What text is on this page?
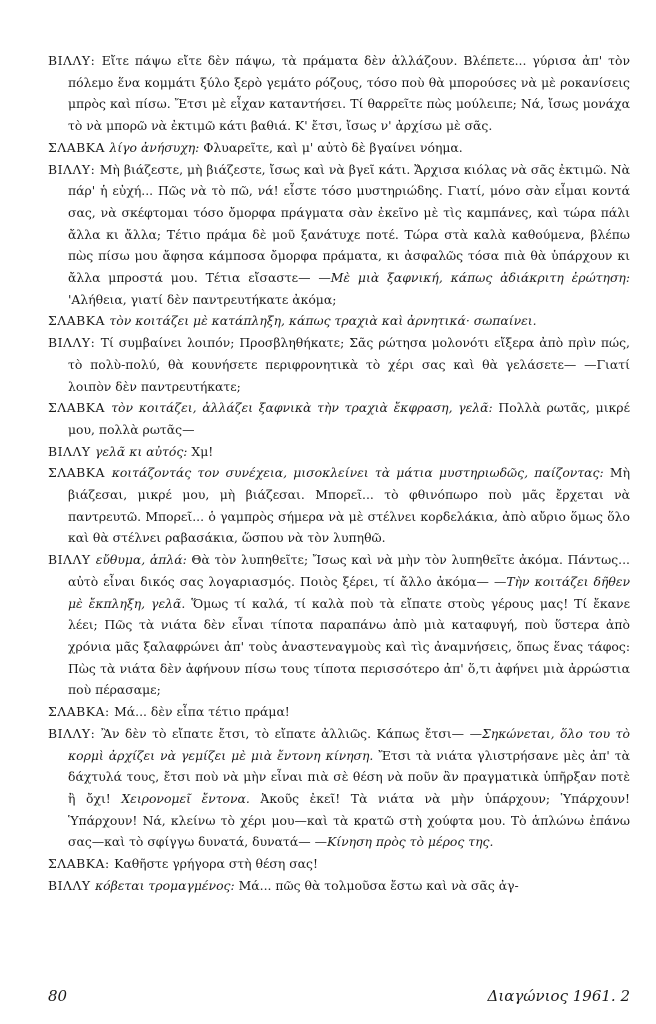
ΒΙΛΛΥ: Εἴτε πάψω εἴτε δὲν πάψω, τὰ πράματα δὲν ἀλλάζουν. Βλέπετε... γύρισα ἀπ' τὸν πόλεμο ἕνα κομμάτι ξύλο ξερὸ γεμάτο ρόζους, τόσο ποὺ θὰ μπορούσες νὰ μὲ ροκανίσεις μπρὸς καὶ πίσω. Ἔτσι μὲ εἶχαν καταντήσει. Τί θαρρεῖτε πὼς μούλειπε; Νά, ἴσως μονάχα τὸ νὰ μπορῶ νὰ ἐκτιμῶ κάτι βαθιά. Κ' ἔτσι, ἴσως ν' ἀρχίσω μὲ σᾶς.

ΣΛΑΒΚΑ λίγο ἀνήσυχη: Φλυαρεῖτε, καὶ μ' αὐτὸ δὲ βγαίνει νόημα.

ΒΙΛΛΥ: Μὴ βιάζεστε, μὴ βιάζεστε, ἴσως καὶ νὰ βγεῖ κάτι. Ἄρχισα κιόλας νὰ σᾶς ἐκτιμῶ. Νὰ πάρ' ἡ εὐχή... Πῶς νὰ τὸ πῶ, νά! εἶστε τόσο μυστηριώδης. Γιατί, μόνο σὰν εἶμαι κοντά σας, νὰ σκέφτομαι τόσο ὄμορφα πράγματα σὰν ἐκεῖνο μὲ τὶς καμπάνες, καὶ τώρα πάλι ἄλλα κι ἄλλα; Τέτιο πράμα δὲ μοῦ ξανάτυχε ποτέ. Τώρα στὰ καλὰ καθούμενα, βλέπω πὼς πίσω μου ἄφησα κάμποσα ὄμορφα πράματα, κι ἀσφαλῶς τόσα πιὰ θὰ ὑπάρχουν κι ἄλλα μπροστά μου. Τέτια εἴσαστε— —Μὲ μιὰ ξαφνική, κάπως ἀδιάκριτη ἐρώτηση: 'Αλήθεια, γιατί δὲν παντρευτήκατε ἀκόμα;

ΣΛΑΒΚΑ τὸν κοιτάζει μὲ κατάπληξη, κάπως τραχιὰ καὶ ἀρνητικά· σωπαίνει.

ΒΙΛΛΥ: Τί συμβαίνει λοιπόν; Προσβληθήκατε; Σᾶς ρώτησα μολονότι εἴξερα ἀπὸ πρὶν πώς, τὸ πολὺ-πολύ, θὰ κουνήσετε περιφρονητικὰ τὸ χέρι σας καὶ θὰ γελάσετε— —Γιατί λοιπὸν δὲν παντρευτήκατε;

ΣΛΑΒΚΑ τὸν κοιτάζει, ἀλλάζει ξαφνικὰ τὴν τραχιὰ ἔκφραση, γελᾶ: Πολλὰ ρωτᾶς, μικρέ μου, πολλὰ ρωτᾶς—

ΒΙΛΛΥ γελᾶ κι αὐτός: Χμ!

ΣΛΑΒΚΑ κοιτάζοντάς τον συνέχεια, μισοκλείνει τὰ μάτια μυστηριωδῶς, παίζοντας: Μὴ βιάζεσαι, μικρέ μου, μὴ βιάζεσαι. Μπορεῖ... τὸ φθινόπωρο ποὺ μᾶς ἔρχεται νὰ παντρευτῶ. Μπορεῖ... ὁ γαμπρὸς σήμερα νὰ μὲ στέλνει κορδελάκια, ἀπὸ αὔριο ὅμως ὅλο καὶ θὰ στέλνει ραβασάκια, ὥσπου νὰ τὸν λυπηθῶ.

ΒΙΛΛΥ εὔθυμα, ἁπλά: Θὰ τὸν λυπηθεῖτε; Ἴσως καὶ νὰ μὴν τὸν λυπηθεῖτε ἀκόμα. Πάντως... αὐτὸ εἶναι δικός σας λογαριασμός. Ποιὸς ξέρει, τί ἄλλο ἀκόμα— —Τὴν κοιτάζει δῆθεν μὲ ἔκπληξη, γελᾶ. Ὅμως τί καλά, τί καλὰ ποὺ τὰ εἴπατε στοὺς γέρους μας! Τί ἔκανε λέει; Πῶς τὰ νιάτα δὲν εἶναι τίποτα παραπάνω ἀπὸ μιὰ καταφυγή, ποὺ ὕστερα ἀπὸ χρόνια μᾶς ξαλαφρώνει ἀπ' τοὺς ἀναστεναγμοὺς καὶ τὶς ἀναμνήσεις, ὅπως ἕνας τάφος: Πὼς τὰ νιάτα δὲν ἀφήνουν πίσω τους τίποτα περισσότερο ἀπ' ὅ,τι ἀφήνει μιὰ ἀρρώστια ποὺ πέρασαμε;

ΣΛΑΒΚΑ: Μά... δὲν εἶπα τέτιο πράμα!

ΒΙΛΛΥ: Ἂν δὲν τὸ εἴπατε ἔτσι, τὸ εἴπατε ἀλλιῶς. Κάπως ἔτσι— —Σηκώνεται, ὅλο του τὸ κορμὶ ἀρχίζει νὰ γεμίζει μὲ μιὰ ἔντονη κίνηση. Ἔτσι τὰ νιάτα γλιστρήσανε μὲς ἀπ' τὰ δάχτυλά τους, ἔτσι ποὺ νὰ μὴν εἶναι πιὰ σὲ θέση νὰ ποῦν ἂν πραγματικὰ ὑπῆρξαν ποτὲ ἢ ὄχι! Χειρονομεῖ ἔντονα. Ἀκοῦς ἐκεῖ! Τὰ νιάτα νὰ μὴν ὑπάρχουν; Ὑπάρχουν! Ὑπάρχουν! Νά, κλείνω τὸ χέρι μου—καὶ τὰ κρατῶ στὴ χούφτα μου. Τὸ ἁπλώνω ἐπάνω σας—καὶ τὸ σφίγγω δυνατά, δυνατά— —Κίνηση πρὸς τὸ μέρος της.

ΣΛΑΒΚΑ: Καθῆστε γρήγορα στὴ θέση σας!

ΒΙΛΛΥ κόβεται τρομαγμένος: Μά... πῶς θὰ τολμοῦσα ἔστω καὶ νὰ σᾶς ἀγ-

80	Διαγώνιος 1961. 2
